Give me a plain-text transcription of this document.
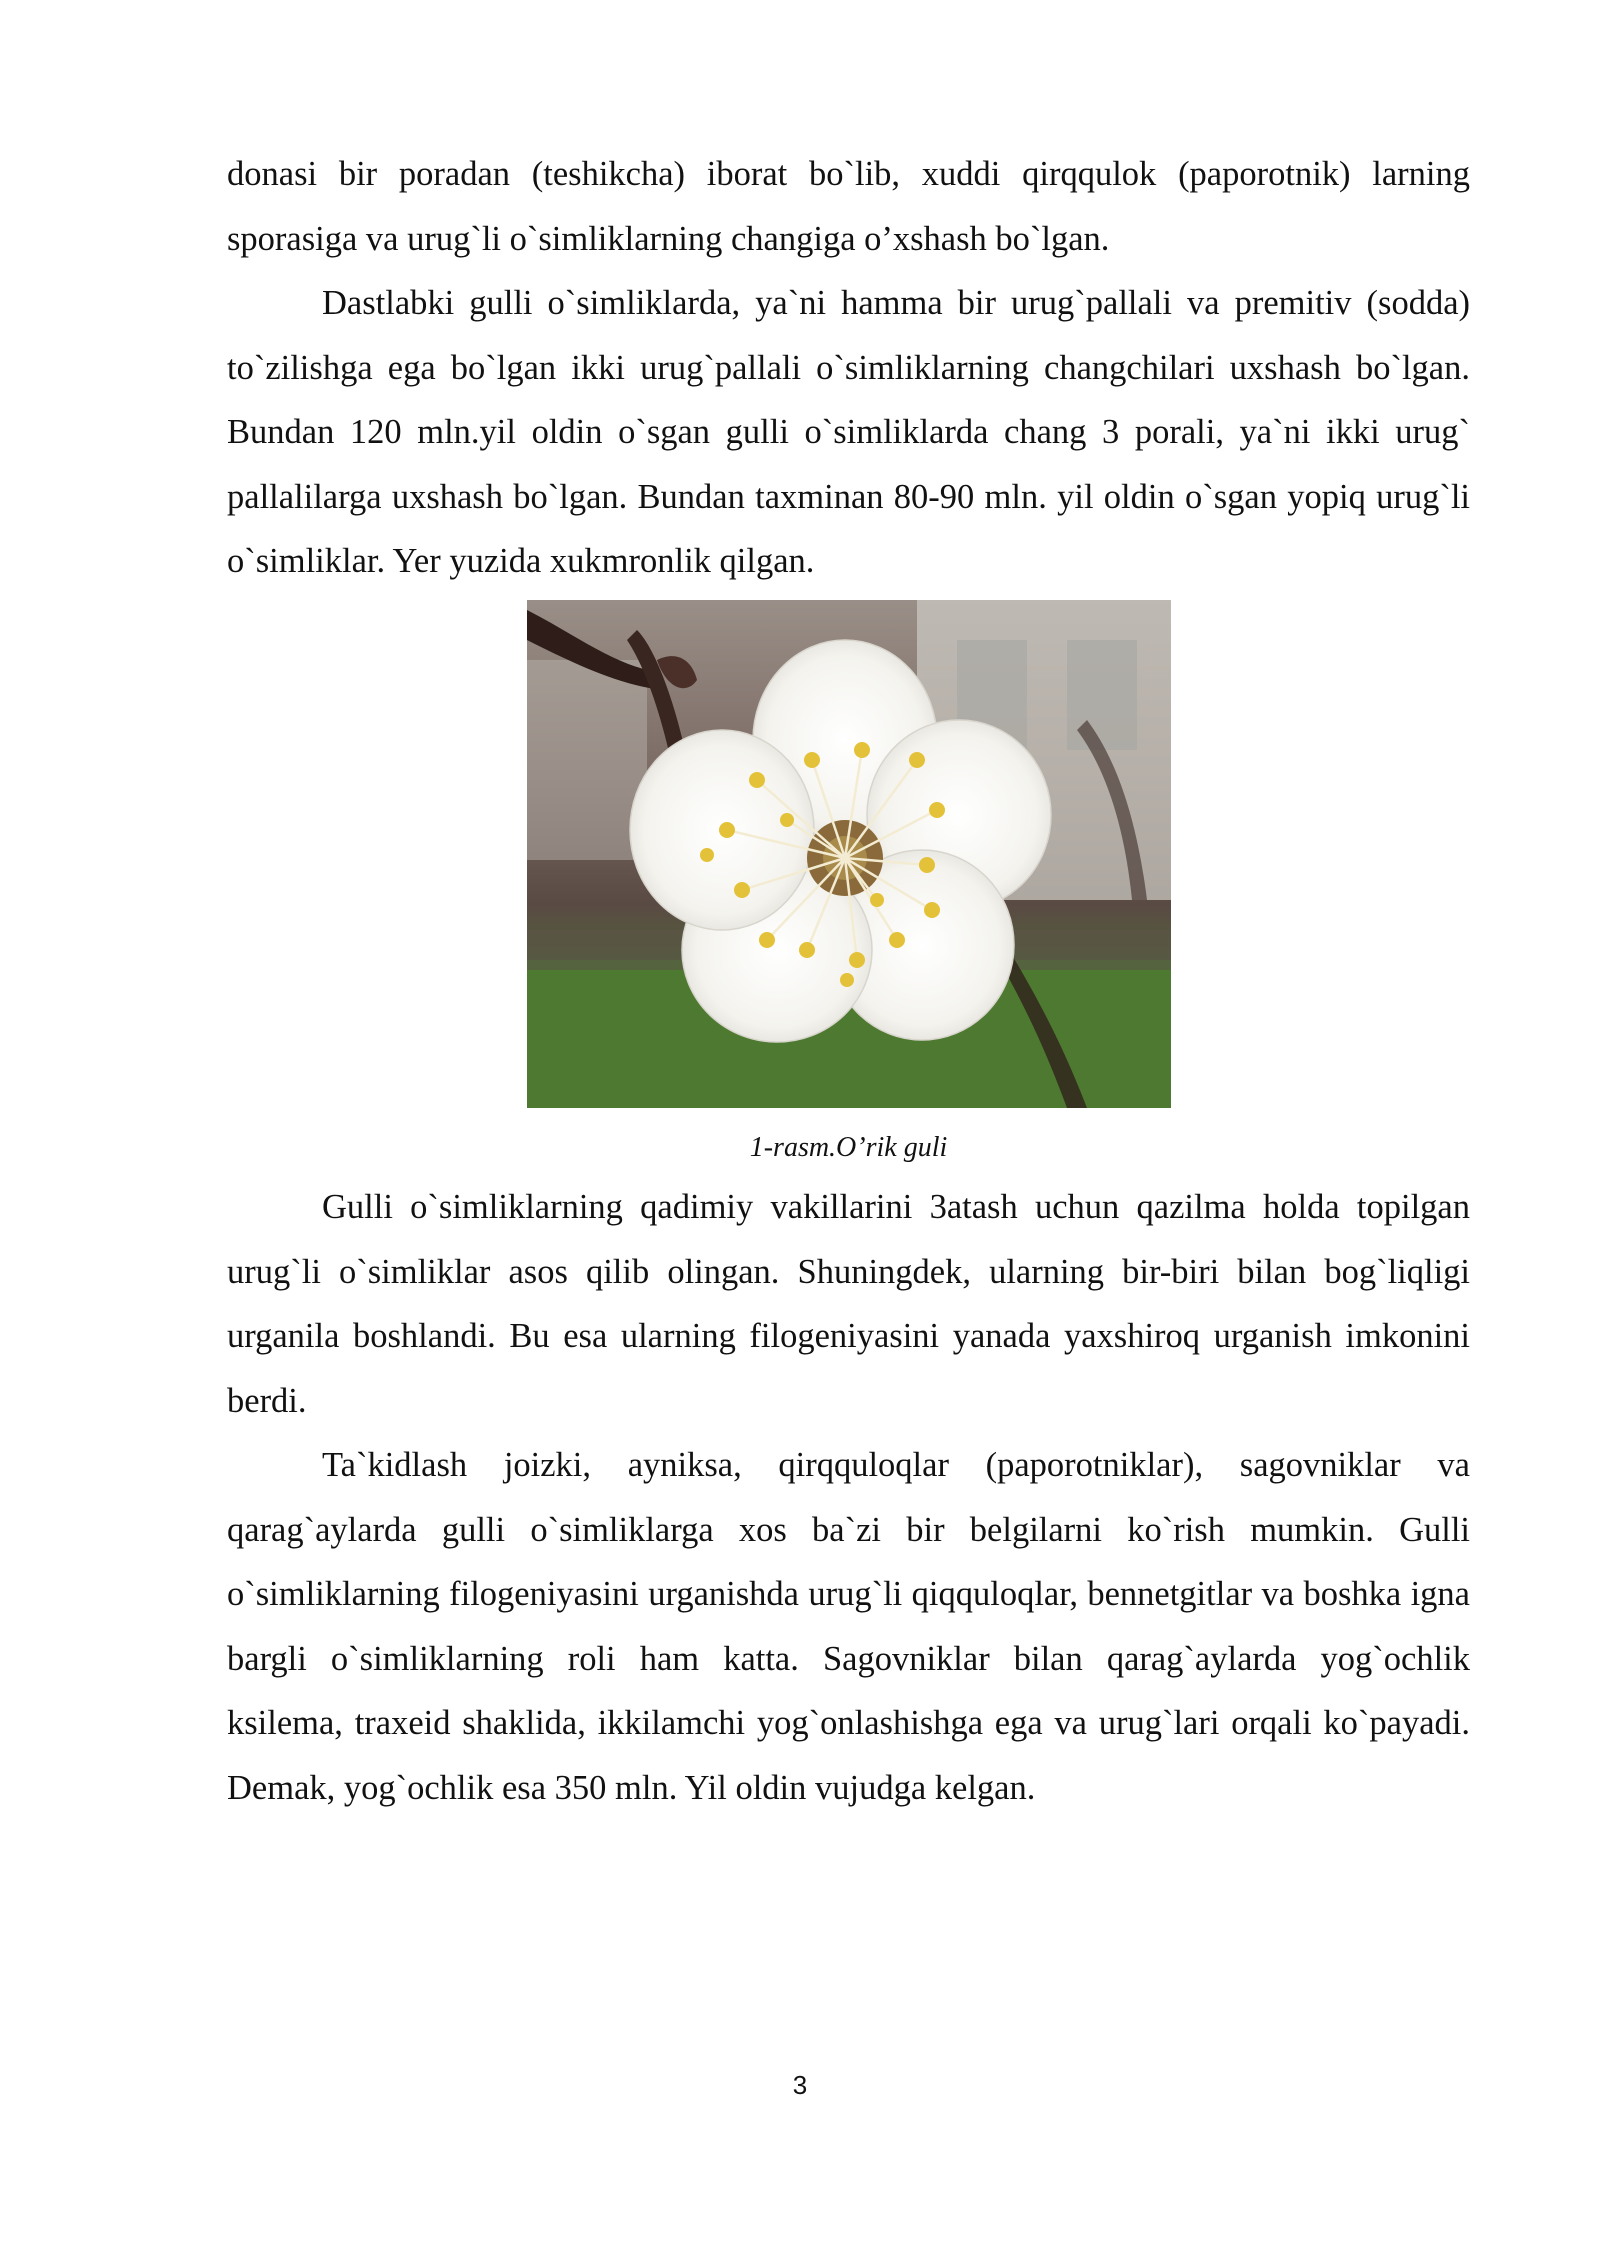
donasi bir poradan (teshikcha) iborat bo`lib, xuddi qirqqulok (paporotnik) larning sporasiga va urug`li o`simliklarning changiga o’xshash bo`lgan.

Dastlabki gulli o`simliklarda, ya`ni hamma bir urug`pallali va premitiv (sodda) to`zilishga ega bo`lgan ikki urug`pallali o`simliklarning changchilari uxshash bo`lgan. Bundan 120 mln.yil oldin o`sgan gulli o`simliklarda chang 3 porali, ya`ni ikki urug` pallalilarga uxshash bo`lgan. Bundan taxminan 80-90 mln. yil oldin o`sgan yopiq urug`li o`simliklar. Yer yuzida xukmronlik qilgan.

1-rasm.O’rik guli

Gulli o`simliklarning qadimiy vakillarini 3atash uchun qazilma holda topilgan urug`li o`simliklar asos qilib olingan. Shuningdek, ularning bir-biri bilan bog`liqligi urganila boshlandi. Bu esa ularning filogeniyasini yanada yaxshiroq urganish imkonini berdi.

Ta`kidlash joizki, ayniksa, qirqquloqlar (paporotniklar), sagovniklar va qarag`aylarda gulli o`simliklarga xos ba`zi bir belgilarni ko`rish mumkin. Gulli o`simliklarning filogeniyasini urganishda urug`li qiqquloqlar, bennetgitlar va boshka igna bargli o`simliklarning roli ham katta. Sagovniklar bilan qarag`aylarda yog`ochlik ksilema, traxeid shaklida, ikkilamchi yog`onlashishga ega va urug`lari orqali ko`payadi. Demak, yog`ochlik esa 350 mln. Yil oldin vujudga kelgan.

3
